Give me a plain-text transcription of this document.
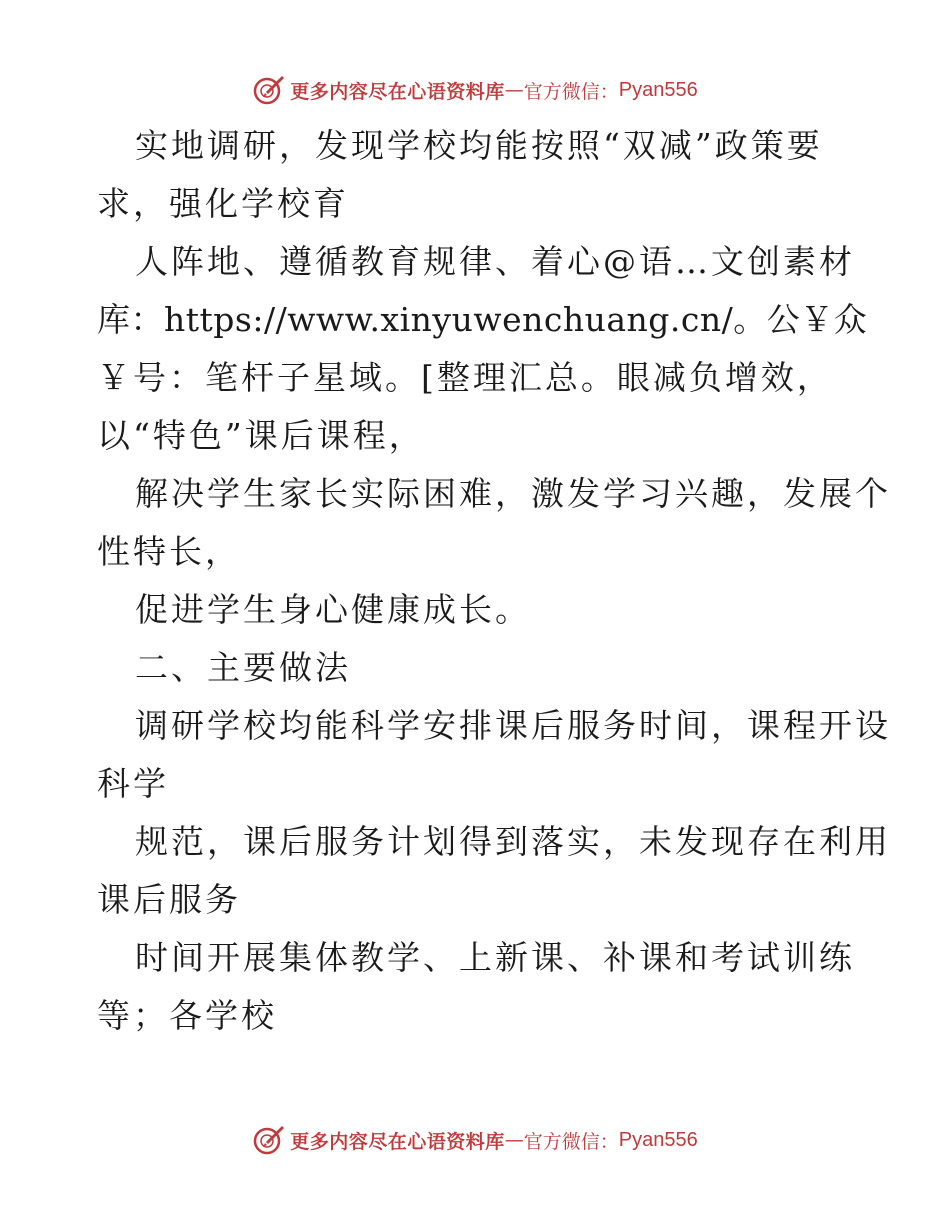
更多内容尽在心语资料库 — 官方微信： Pyan556
实地调研，发现学校均能按照“双减”政策要
求，强化学校育
人阵地、遵循教育规律、着心@语…文创素材
库：https://www.xinyuwenchuang.cn/。公￥众
￥号：笔杆子星域。[整理汇总。眼减负增效，
以“特色”课后课程，
解决学生家长实际困难，激发学习兴趣，发展个
性特长，
促进学生身心健康成长。
二、主要做法
调研学校均能科学安排课后服务时间，课程开设
科学
规范，课后服务计划得到落实，未发现存在利用
课后服务
时间开展集体教学、上新课、补课和考试训练
等；各学校
更多内容尽在心语资料库 — 官方微信： Pyan556
